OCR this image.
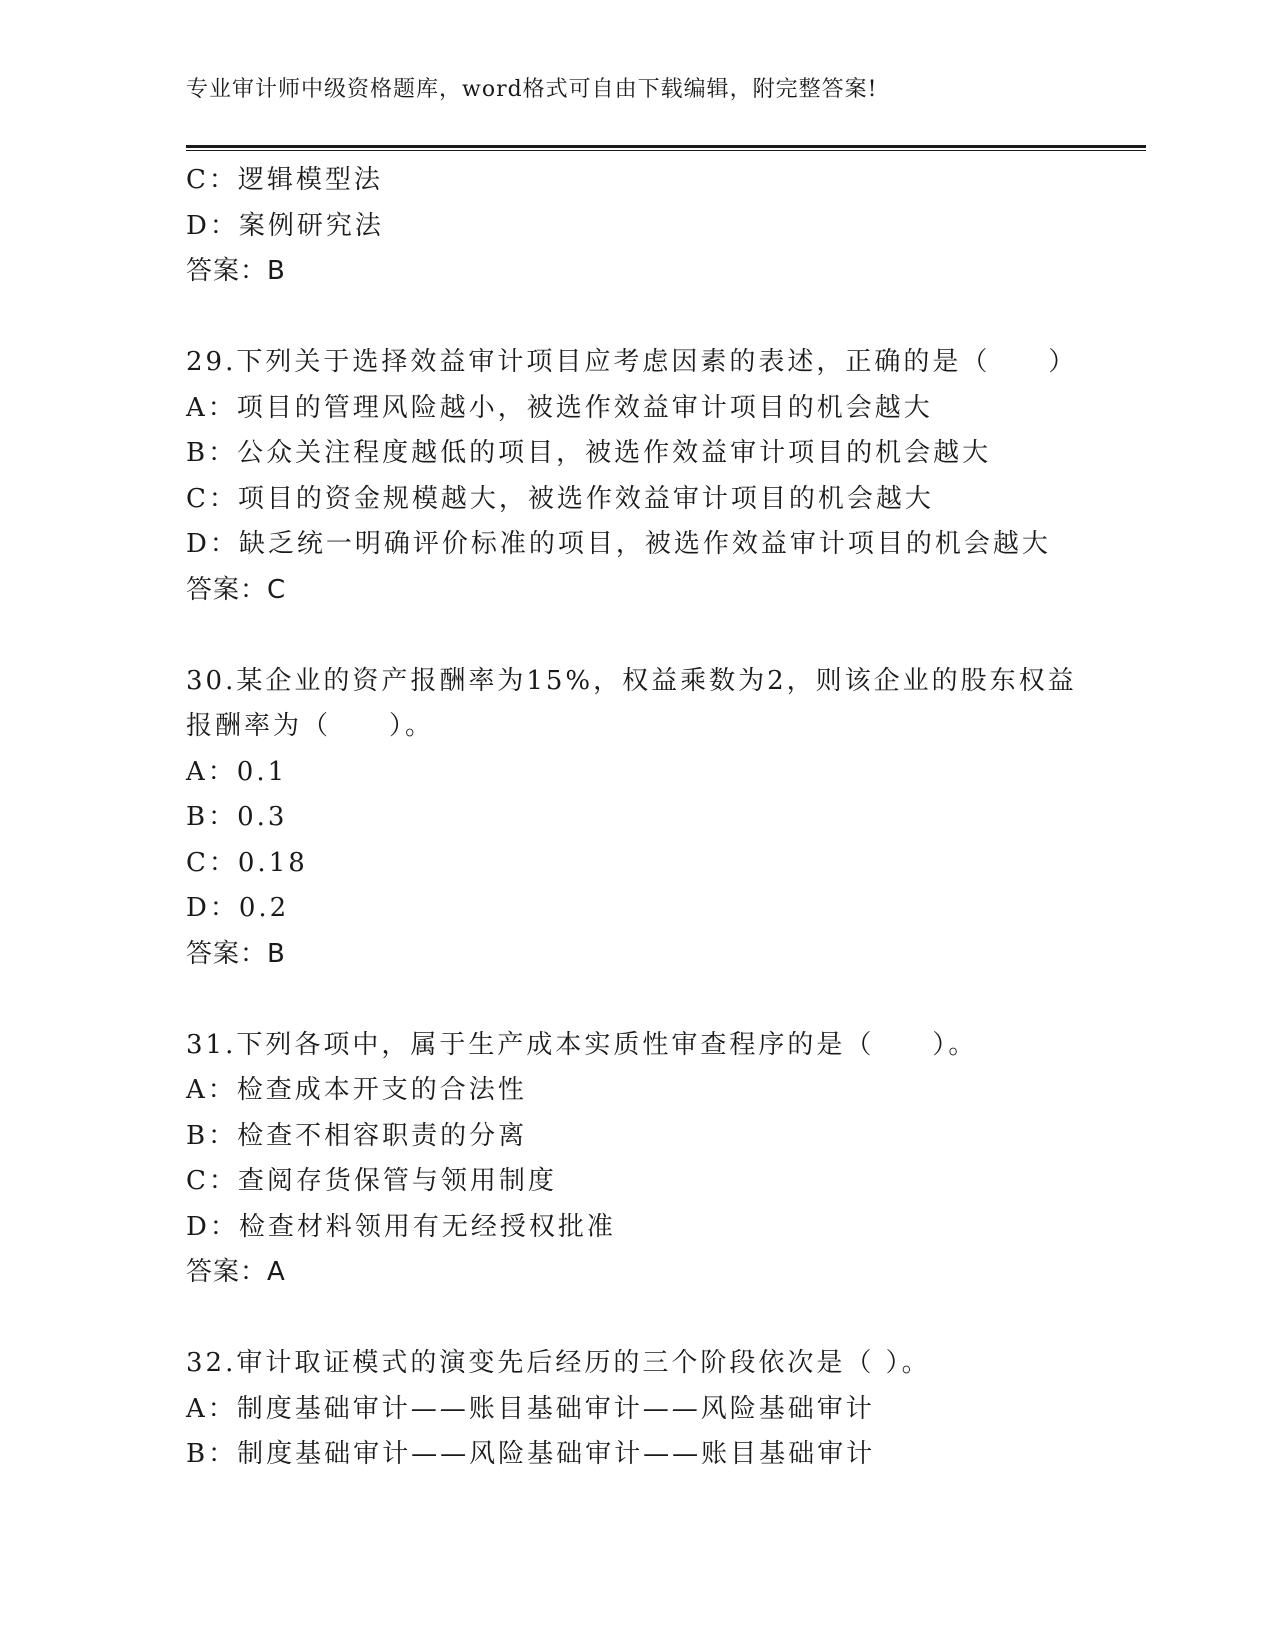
专业审计师中级资格题库，word格式可自由下载编辑，附完整答案!
C：逻辑模型法
D：案例研究法
答案：B
29.下列关于选择效益审计项目应考虑因素的表述，正确的是（　　）
A：项目的管理风险越小，被选作效益审计项目的机会越大
B：公众关注程度越低的项目，被选作效益审计项目的机会越大
C：项目的资金规模越大，被选作效益审计项目的机会越大
D：缺乏统一明确评价标准的项目，被选作效益审计项目的机会越大
答案：C
30.某企业的资产报酬率为15%，权益乘数为2，则该企业的股东权益
报酬率为（　　）。
A：0.1
B：0.3
C：0.18
D：0.2
答案：B
31.下列各项中，属于生产成本实质性审查程序的是（　　）。
A：检查成本开支的合法性
B：检查不相容职责的分离
C：查阅存货保管与领用制度
D：检查材料领用有无经授权批准
答案：A
32.审计取证模式的演变先后经历的三个阶段依次是（ ）。
A：制度基础审计——账目基础审计——风险基础审计
B：制度基础审计——风险基础审计——账目基础审计
